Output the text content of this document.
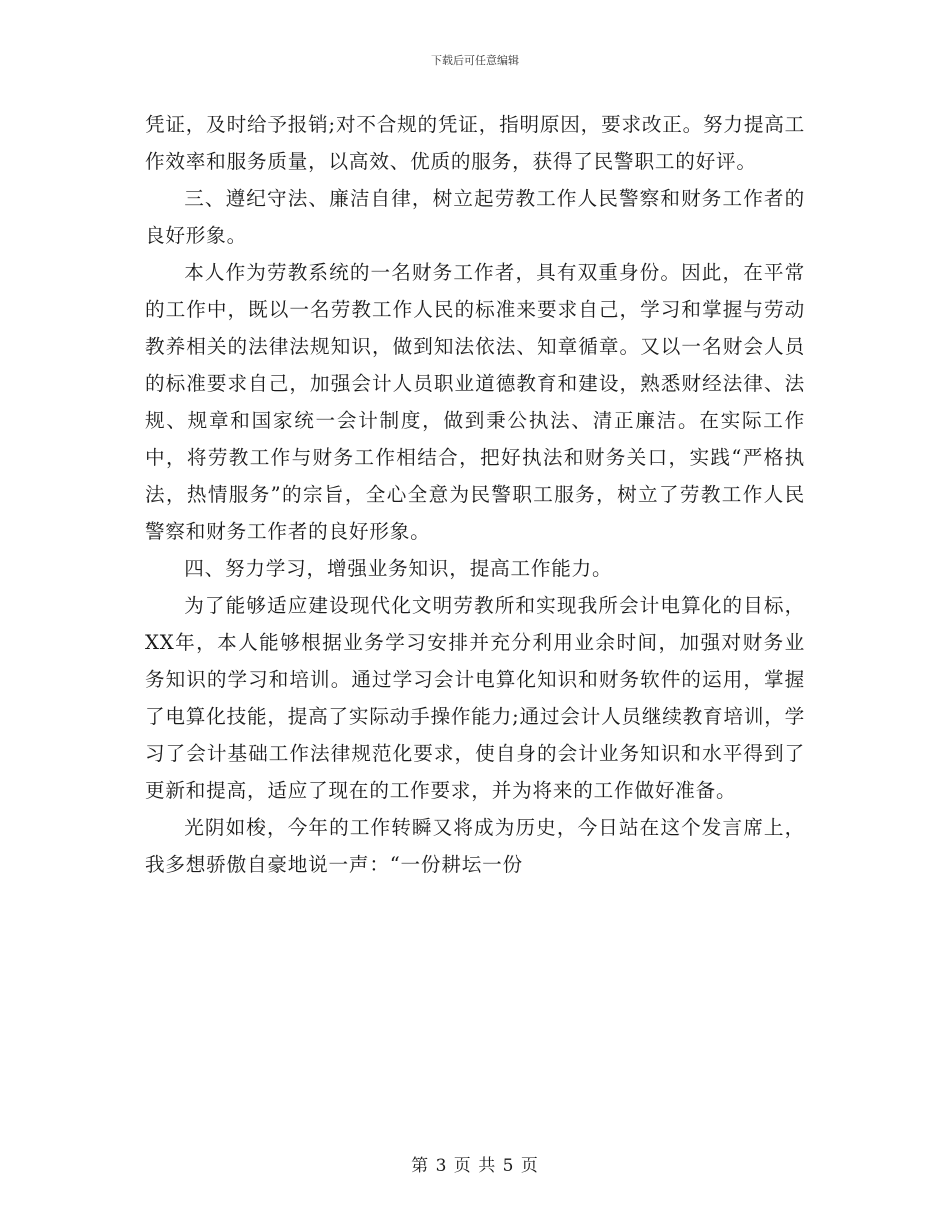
下载后可任意编辑

凭证，及时给予报销;对不合规的凭证，指明原因，要求改正。努力提高工作效率和服务质量，以高效、优质的服务，获得了民警职工的好评。

三、遵纪守法、廉洁自律，树立起劳教工作人民警察和财务工作者的良好形象。

本人作为劳教系统的一名财务工作者，具有双重身份。因此，在平常的工作中，既以一名劳教工作人民的标准来要求自己，学习和掌握与劳动教养相关的法律法规知识，做到知法依法、知章循章。又以一名财会人员的标准要求自己，加强会计人员职业道德教育和建设，熟悉财经法律、法规、规章和国家统一会计制度，做到秉公执法、清正廉洁。在实际工作中，将劳教工作与财务工作相结合，把好执法和财务关口，实践“严格执法，热情服务”的宗旨，全心全意为民警职工服务，树立了劳教工作人民警察和财务工作者的良好形象。

四、努力学习，增强业务知识，提高工作能力。

为了能够适应建设现代化文明劳教所和实现我所会计电算化的目标，XX年，本人能够根据业务学习安排并充分利用业余时间，加强对财务业务知识的学习和培训。通过学习会计电算化知识和财务软件的运用，掌握了电算化技能，提高了实际动手操作能力;通过会计人员继续教育培训，学习了会计基础工作法律规范化要求，使自身的会计业务知识和水平得到了更新和提高，适应了现在的工作要求，并为将来的工作做好准备。

光阴如梭，今年的工作转瞬又将成为历史，今日站在这个发言席上，我多想骄傲自豪地说一声：“一份耕坛一份

第 3 页 共 5 页
